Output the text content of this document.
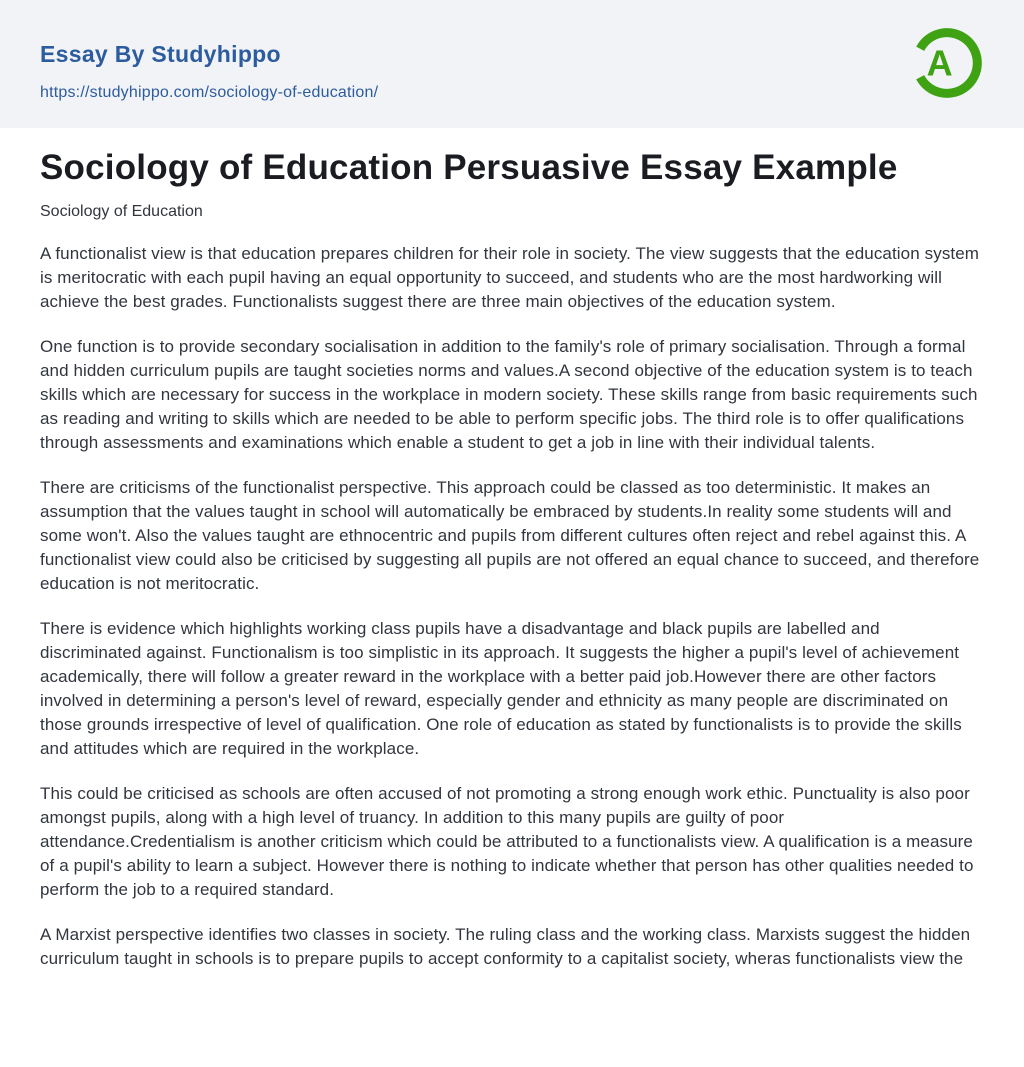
Essay By Studyhippo
https://studyhippo.com/sociology-of-education/
A
Sociology of Education Persuasive Essay Example

Sociology of Education

A functionalist view is that education prepares children for their role in society. The view suggests that the education system is meritocratic with each pupil having an equal opportunity to succeed, and students who are the most hardworking will achieve the best grades. Functionalists suggest there are three main objectives of the education system.

One function is to provide secondary socialisation in addition to the family's role of primary socialisation. Through a formal and hidden curriculum pupils are taught societies norms and values.A second objective of the education system is to teach skills which are necessary for success in the workplace in modern society. These skills range from basic requirements such as reading and writing to skills which are needed to be able to perform specific jobs. The third role is to offer qualifications through assessments and examinations which enable a student to get a job in line with their individual talents.

There are criticisms of the functionalist perspective. This approach could be classed as too deterministic. It makes an assumption that the values taught in school will automatically be embraced by students.In reality some students will and some won't. Also the values taught are ethnocentric and pupils from different cultures often reject and rebel against this. A functionalist view could also be criticised by suggesting all pupils are not offered an equal chance to succeed, and therefore education is not meritocratic.

There is evidence which highlights working class pupils have a disadvantage and black pupils are labelled and discriminated against. Functionalism is too simplistic in its approach. It suggests the higher a pupil's level of achievement academically, there will follow a greater reward in the workplace with a better paid job.However there are other factors involved in determining a person's level of reward, especially gender and ethnicity as many people are discriminated on those grounds irrespective of level of qualification. One role of education as stated by functionalists is to provide the skills and attitudes which are required in the workplace.

This could be criticised as schools are often accused of not promoting a strong enough work ethic. Punctuality is also poor amongst pupils, along with a high level of truancy. In addition to this many pupils are guilty of poor attendance.Credentialism is another criticism which could be attributed to a functionalists view. A qualification is a measure of a pupil's ability to learn a subject. However there is nothing to indicate whether that person has other qualities needed to perform the job to a required standard.

A Marxist perspective identifies two classes in society. The ruling class and the working class. Marxists suggest the hidden curriculum taught in schools is to prepare pupils to accept conformity to a capitalist society, wheras functionalists view the
